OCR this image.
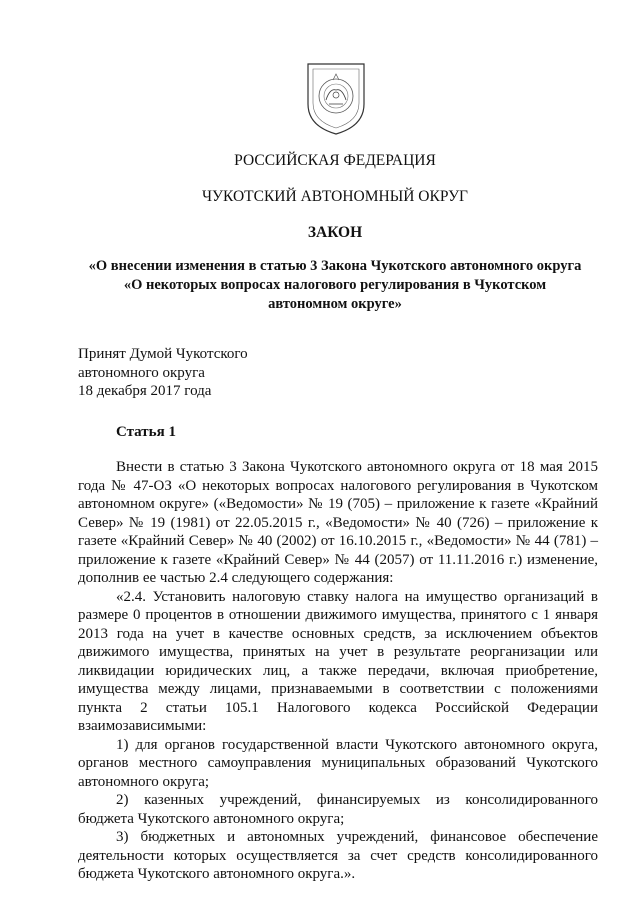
РОССИЙСКАЯ ФЕДЕРАЦИЯ
ЧУКОТСКИЙ АВТОНОМНЫЙ ОКРУГ
ЗАКОН
«О внесении изменения в статью 3 Закона Чукотского автономного округа
«О некоторых вопросах налогового регулирования в Чукотском
автономном округе»

Принят Думой Чукотского

автономного округа

18 декабря 2017 года

Статья 1

Внести в статью 3 Закона Чукотского автономного округа от 18 мая 2015 года № 47-ОЗ «О некоторых вопросах налогового регулирования в Чукотском автономном округе» («Ведомости» № 19 (705) – приложение к газете «Крайний Север» № 19 (1981) от 22.05.2015 г., «Ведомости» № 40 (726) – приложение к газете «Крайний Север» № 40 (2002) от 16.10.2015 г., «Ведомости» № 44 (781) – приложение к газете «Крайний Север» № 44 (2057) от 11.11.2016 г.) изменение, дополнив ее частью 2.4 следующего содержания:

«2.4. Установить налоговую ставку налога на имущество организаций в размере 0 процентов в отношении движимого имущества, принятого с 1 января 2013 года на учет в качестве основных средств, за исключением объектов движимого имущества, принятых на учет в результате реорганизации или ликвидации юридических лиц, а также передачи, включая приобретение, имущества между лицами, признаваемыми в соответствии с положениями пункта 2 статьи 105.1 Налогового кодекса Российской Федерации взаимозависимыми:

1) для органов государственной власти Чукотского автономного округа, органов местного самоуправления муниципальных образований Чукотского автономного округа;

2) казенных учреждений, финансируемых из консолидированного бюджета Чукотского автономного округа;

3) бюджетных и автономных учреждений, финансовое обеспечение деятельности которых осуществляется за счет средств консолидированного бюджета Чукотского автономного округа.».
